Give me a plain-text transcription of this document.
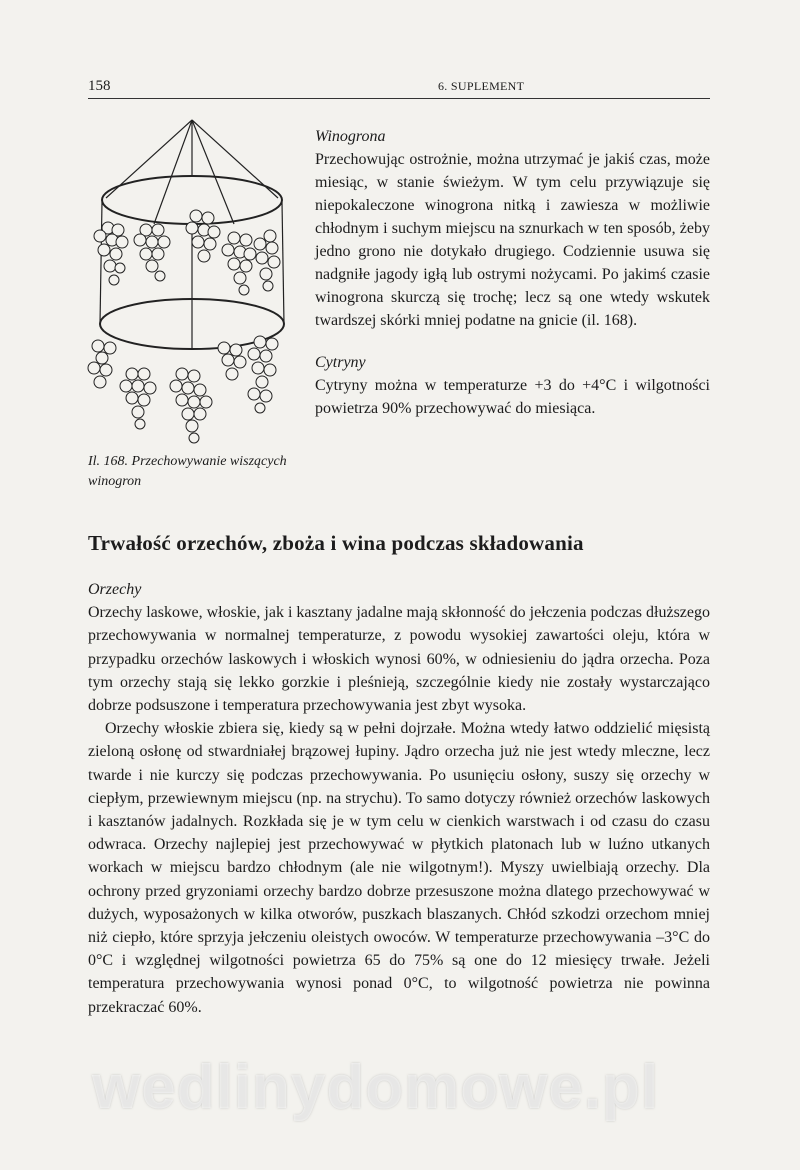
158	6. SUPLEMENT
Il. 168. Przechowywanie wiszących winogron

Winogrona

Przechowując ostrożnie, można utrzymać je jakiś czas, może miesiąc, w stanie świeżym. W tym celu przywiązuje się niepokaleczone winogrona nitką i zawiesza w możliwie chłodnym i suchym miejscu na sznurkach w ten sposób, żeby jedno grono nie dotykało drugiego. Codziennie usuwa się nadgniłe jagody igłą lub ostrymi nożycami. Po jakimś czasie winogrona skurczą się trochę; lecz są one wtedy wskutek twardszej skórki mniej podatne na gnicie (il. 168).

Cytryny

Cytryny można w temperaturze +3 do +4°C i wilgotności powietrza 90% przechowywać do miesiąca.

Trwałość orzechów, zboża i wina podczas składowania

Orzechy

Orzechy laskowe, włoskie, jak i kasztany jadalne mają skłonność do jełczenia podczas dłuższego przechowywania w normalnej temperaturze, z powodu wysokiej zawartości oleju, która w przypadku orzechów laskowych i włoskich wynosi 60%, w odniesieniu do jądra orzecha. Poza tym orzechy stają się lekko gorzkie i pleśnieją, szczególnie kiedy nie zostały wystarczająco dobrze podsuszone i temperatura przechowywania jest zbyt wysoka.

Orzechy włoskie zbiera się, kiedy są w pełni dojrzałe. Można wtedy łatwo oddzielić mięsistą zieloną osłonę od stwardniałej brązowej łupiny. Jądro orzecha już nie jest wtedy mleczne, lecz twarde i nie kurczy się podczas przechowywania. Po usunięciu osłony, suszy się orzechy w ciepłym, przewiewnym miejscu (np. na strychu). To samo dotyczy również orzechów laskowych i kasztanów jadalnych. Rozkłada się je w tym celu w cienkich warstwach i od czasu do czasu odwraca. Orzechy najlepiej jest przechowywać w płytkich platonach lub w luźno utkanych workach w miejscu bardzo chłodnym (ale nie wilgotnym!). Myszy uwielbiają orzechy. Dla ochrony przed gryzoniami orzechy bardzo dobrze przesuszone można dlatego przechowywać w dużych, wyposażonych w kilka otworów, puszkach blaszanych. Chłód szkodzi orzechom mniej niż ciepło, które sprzyja jełczeniu oleistych owoców. W temperaturze przechowywania –3°C do 0°C i względnej wilgotności powietrza 65 do 75% są one do 12 miesięcy trwałe. Jeżeli temperatura przechowywania wynosi ponad 0°C, to wilgotność powietrza nie powinna przekraczać 60%.

wedlinydomowe.pl
